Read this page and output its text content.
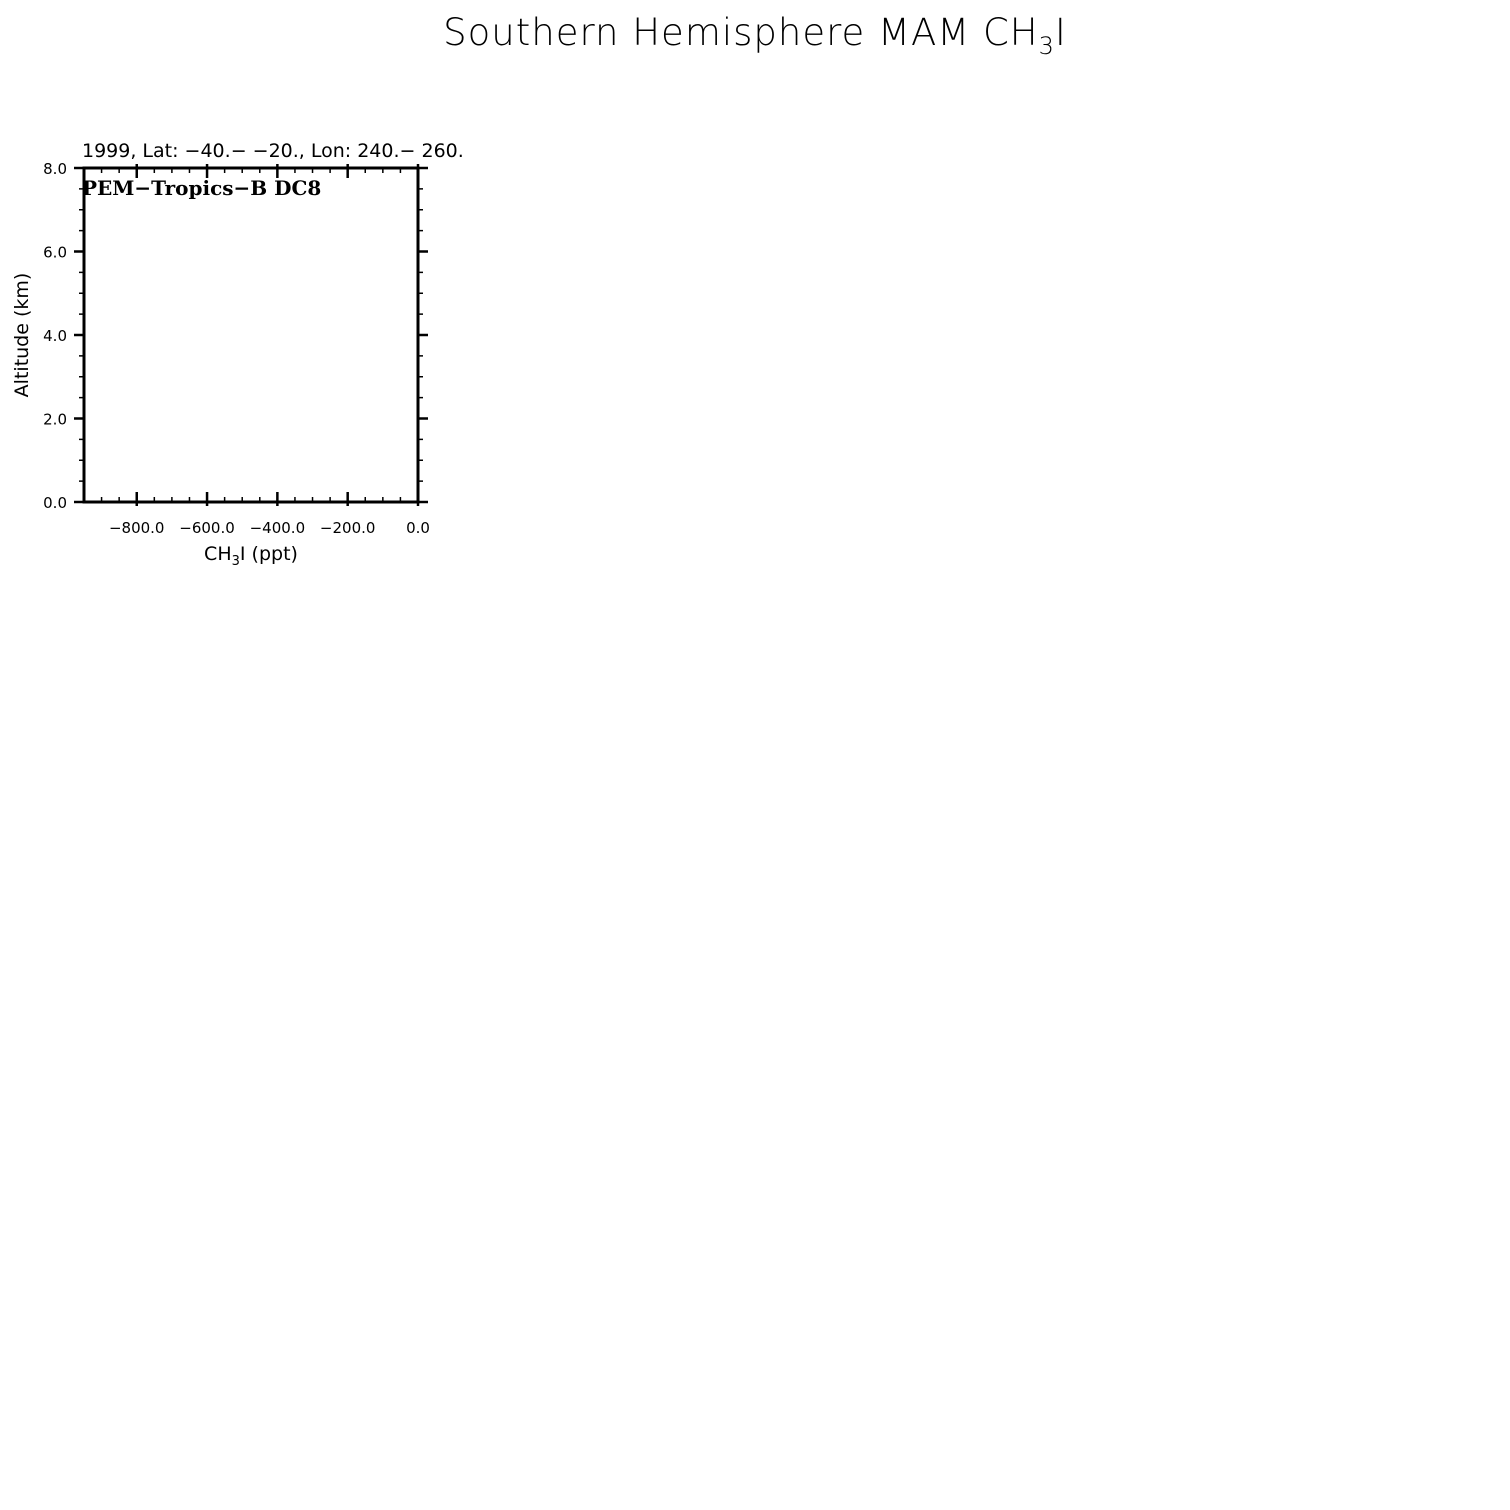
Southern Hemisphere MAM $CH_3I$
1999, Lat: −40.− −20., Lon: 240.− 260.
−800.0 −600.0 −400.0 −200.0 0.0
0.0
2.0
4.0
6.0
8.0
PEM−Tropics−B DC8
$CH_3I$ (ppt)
Altitude (km)
